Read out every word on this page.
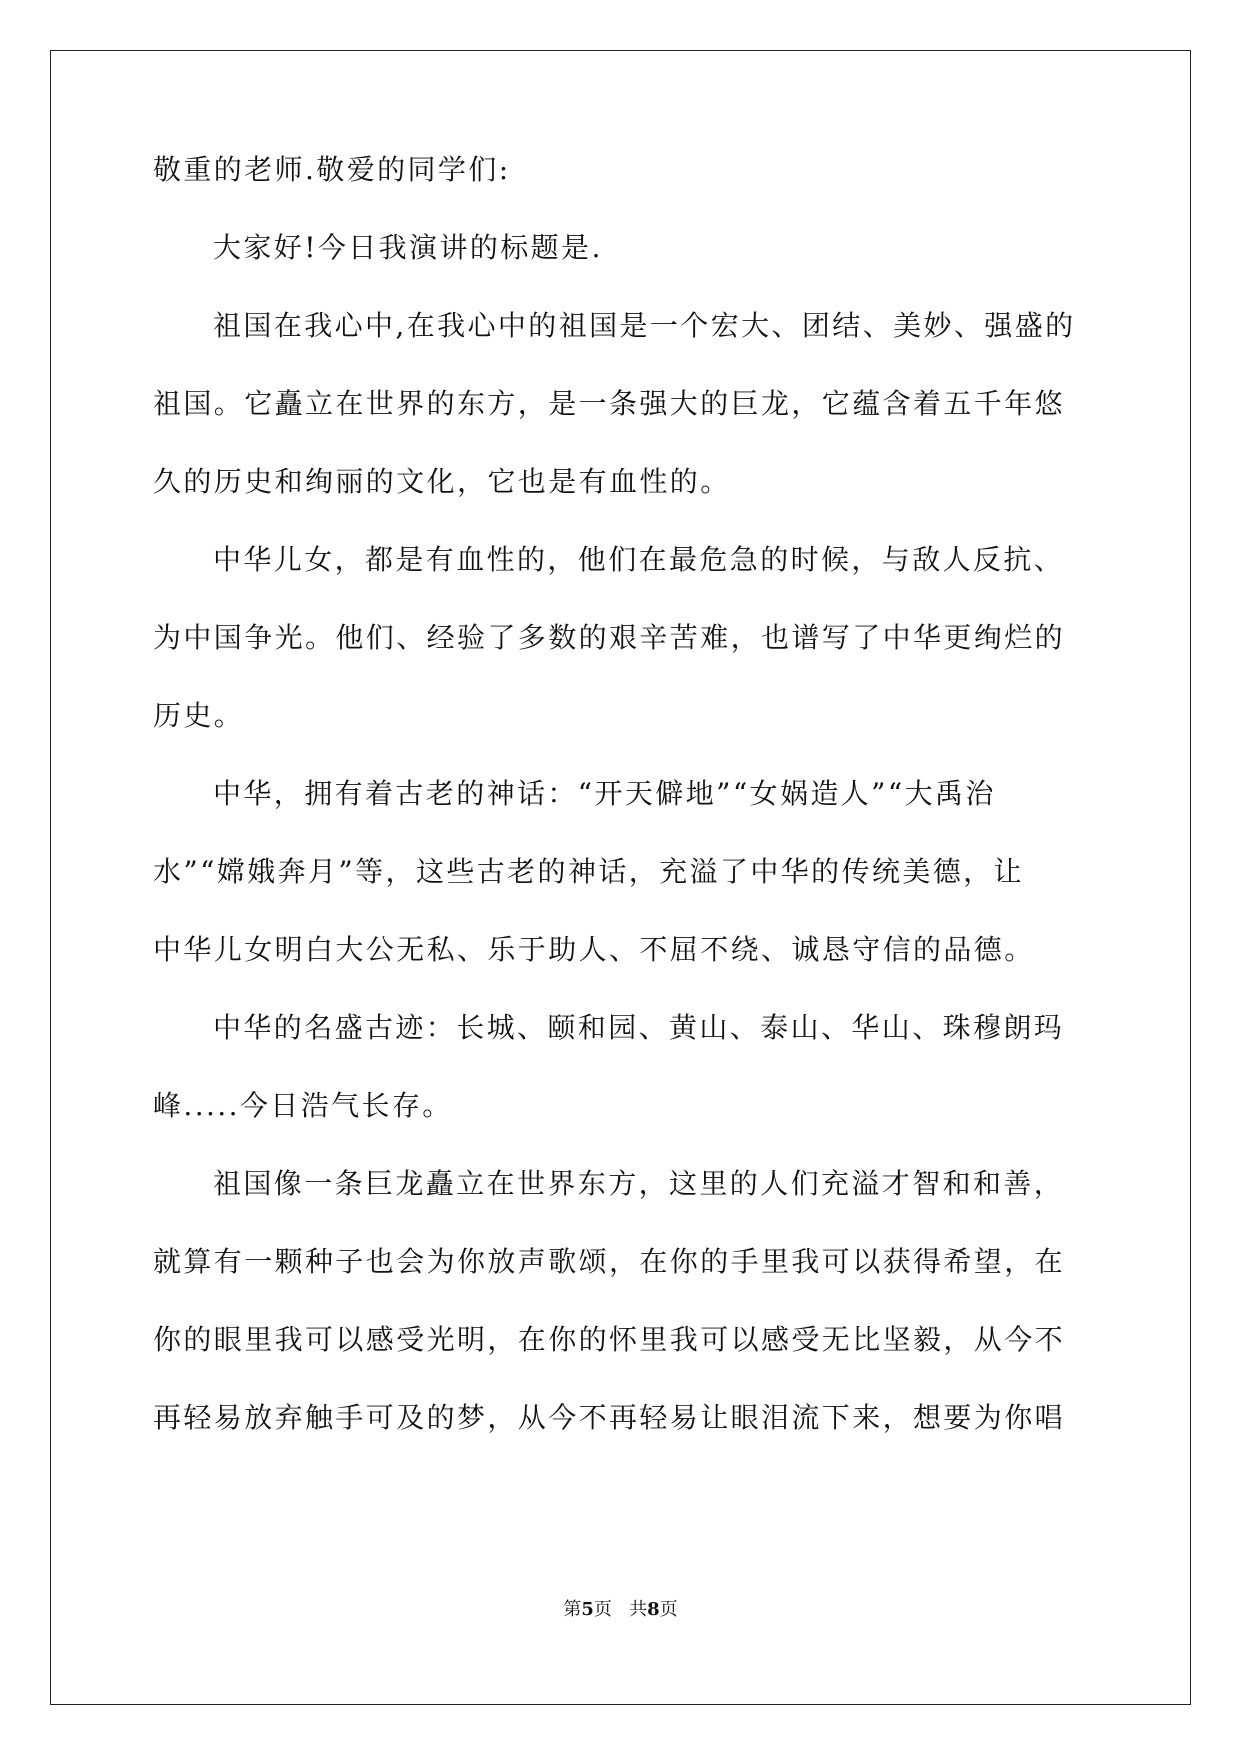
敬重的老师.敬爱的同学们:
大家好!今日我演讲的标题是.
祖国在我心中,在我心中的祖国是一个宏大、团结、美妙、强盛的
祖国。它矗立在世界的东方，是一条强大的巨龙，它蕴含着五千年悠
久的历史和绚丽的文化，它也是有血性的。
中华儿女，都是有血性的，他们在最危急的时候，与敌人反抗、
为中国争光。他们、经验了多数的艰辛苦难，也谱写了中华更绚烂的
历史。
中华，拥有着古老的神话：“开天僻地”“女娲造人”“大禹治
水”“嫦娥奔月”等，这些古老的神话，充溢了中华的传统美德，让
中华儿女明白大公无私、乐于助人、不屈不绕、诚恳守信的品德。
中华的名盛古迹：长城、颐和园、黄山、泰山、华山、珠穆朗玛
峰.....今日浩气长存。
祖国像一条巨龙矗立在世界东方，这里的人们充溢才智和和善，
就算有一颗种子也会为你放声歌颂，在你的手里我可以获得希望，在
你的眼里我可以感受光明，在你的怀里我可以感受无比坚毅，从今不
再轻易放弃触手可及的梦，从今不再轻易让眼泪流下来，想要为你唱
第5页 共8页
